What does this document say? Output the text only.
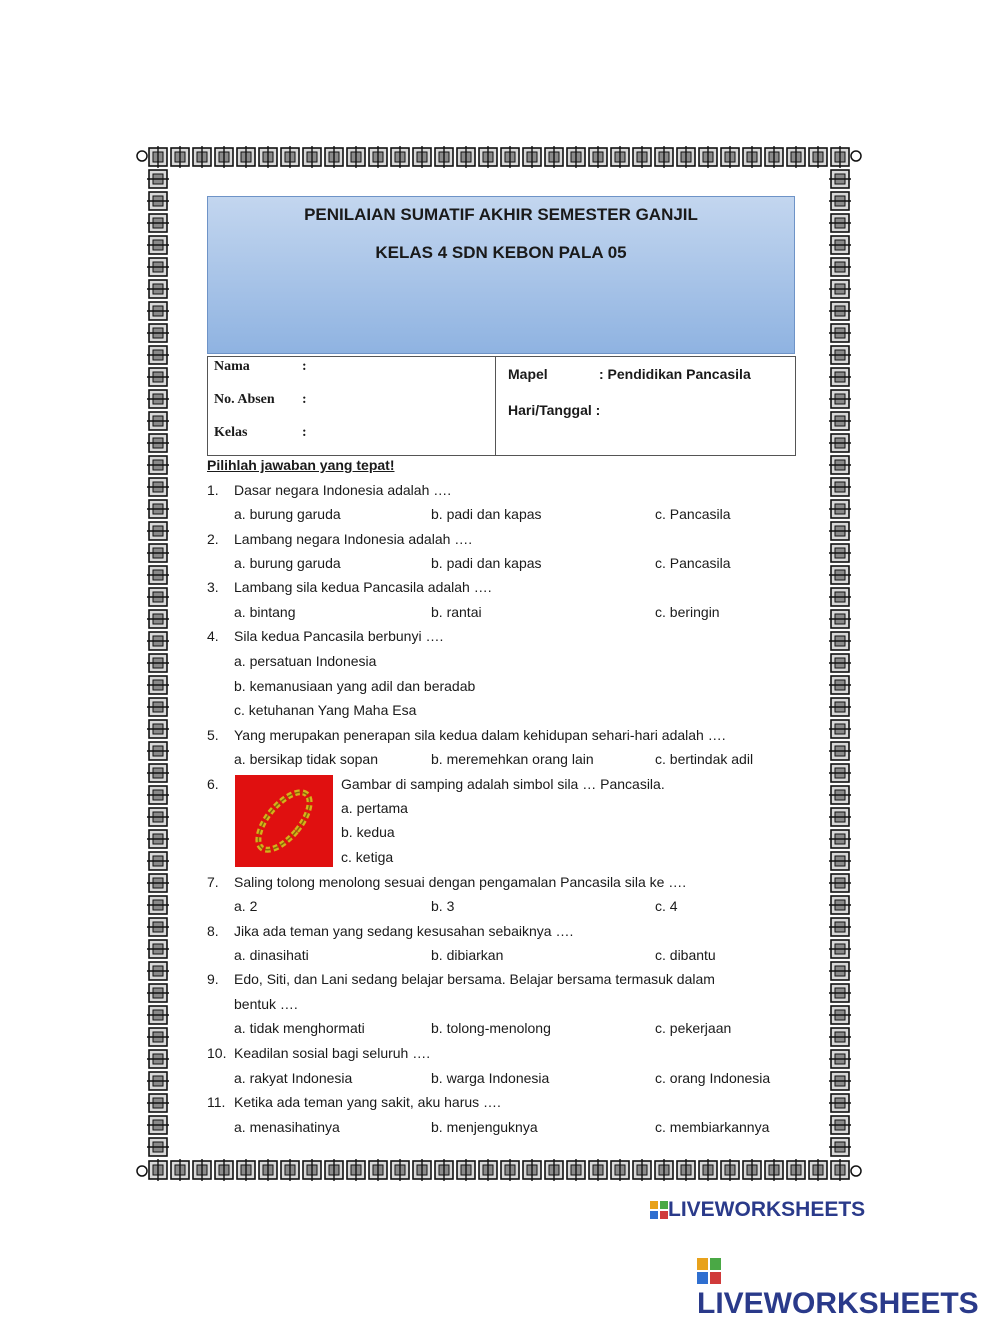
PENILAIAN SUMATIF AKHIR SEMESTER GANJIL
KELAS 4 SDN KEBON PALA 05
Nama	:
No. Absen :
Kelas	:
Mapel	: Pendidikan Pancasila
Hari/Tanggal :
Pilihlah jawaban yang tepat!
1. Dasar negara Indonesia adalah ….
a. burung garuda	b. padi dan kapas	c. Pancasila
2. Lambang negara Indonesia adalah ….
a. burung garuda	b. padi dan kapas	c. Pancasila
3. Lambang sila kedua Pancasila adalah ….
a. bintang	b. rantai	c. beringin
4. Sila kedua Pancasila berbunyi ….
a. persatuan Indonesia
b. kemanusiaan yang adil dan beradab
c. ketuhanan Yang Maha Esa
5. Yang merupakan penerapan sila kedua dalam kehidupan sehari-hari adalah ….
a. bersikap tidak sopan	b. meremehkan orang lain	c. bertindak adil
6.	Gambar di samping adalah simbol sila … Pancasila.
a. pertama
b. kedua
c. ketiga
7. Saling tolong menolong sesuai dengan pengamalan Pancasila sila ke ….
a. 2	b. 3	c. 4
8. Jika ada teman yang sedang kesusahan sebaiknya ….
a. dinasihati	b. dibiarkan	c. dibantu
9. Edo, Siti, dan Lani sedang belajar bersama. Belajar bersama termasuk dalam
bentuk ….
a. tidak menghormati	b. tolong-menolong	c. pekerjaan
10. Keadilan sosial bagi seluruh ….
a. rakyat Indonesia	b. warga Indonesia	c. orang Indonesia
11. Ketika ada teman yang sakit, aku harus ….
a. menasihatinya	b. menjenguknya	c. membiarkannya
LIVEWORKSHEETS
LIVEWORKSHEETS
